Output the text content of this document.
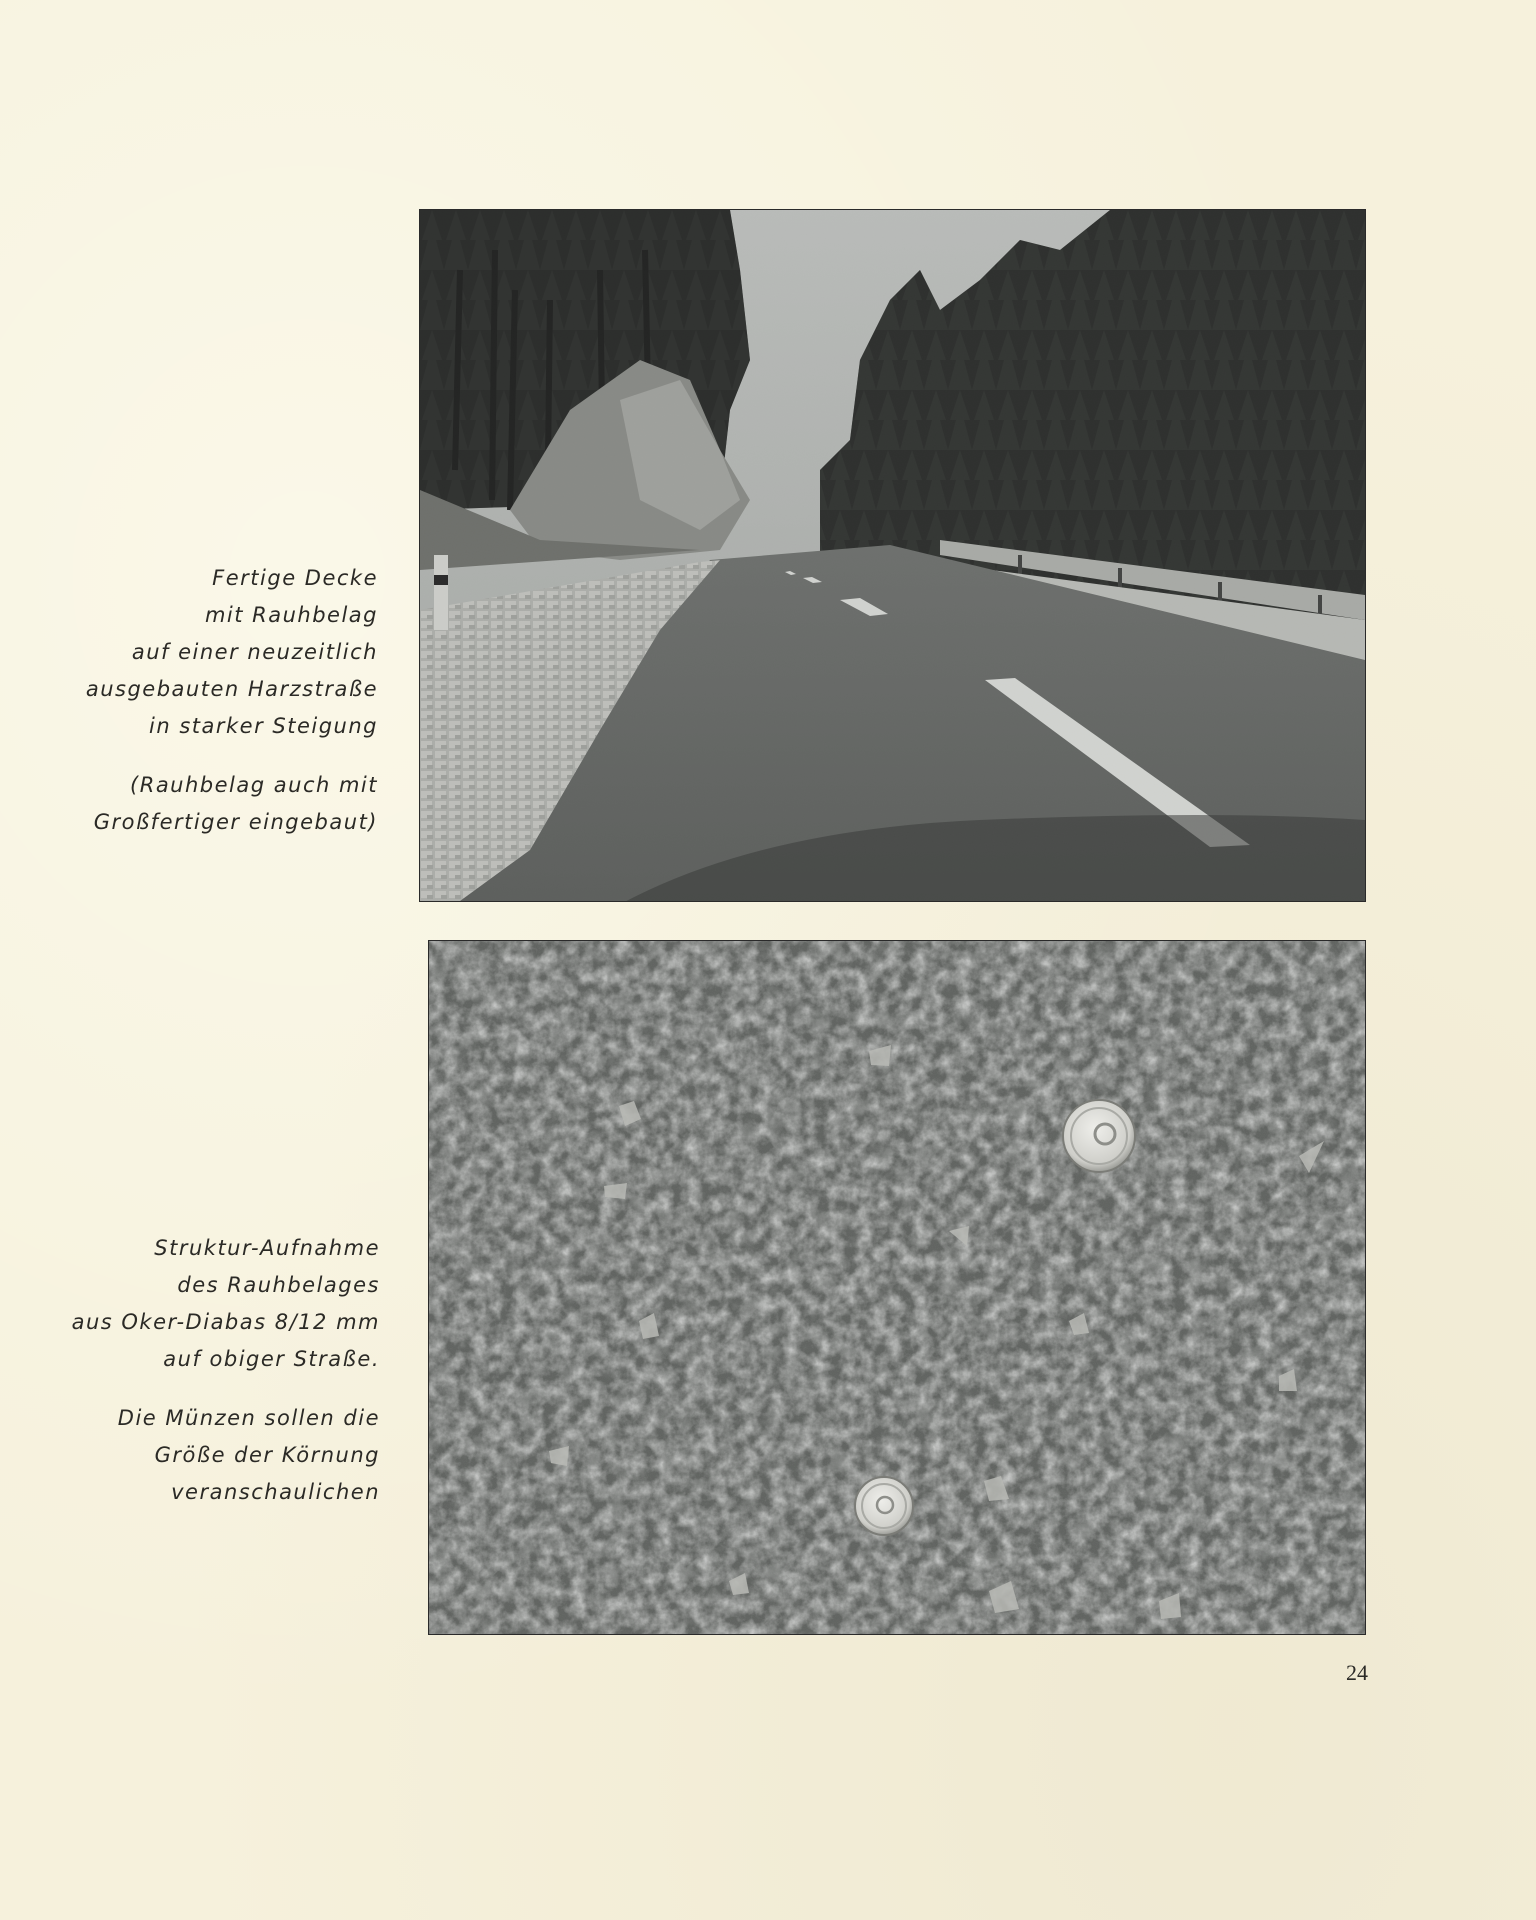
Fertige Decke
mit Rauhbelag
auf einer neuzeitlich
ausgebauten Harzstraße
in starker Steigung
(Rauhbelag auch mit
Großfertiger eingebaut)
Struktur-Aufnahme
des Rauhbelages
aus Oker-Diabas 8/12 mm
auf obiger Straße.
Die Münzen sollen die
Größe der Körnung
veranschaulichen
24
